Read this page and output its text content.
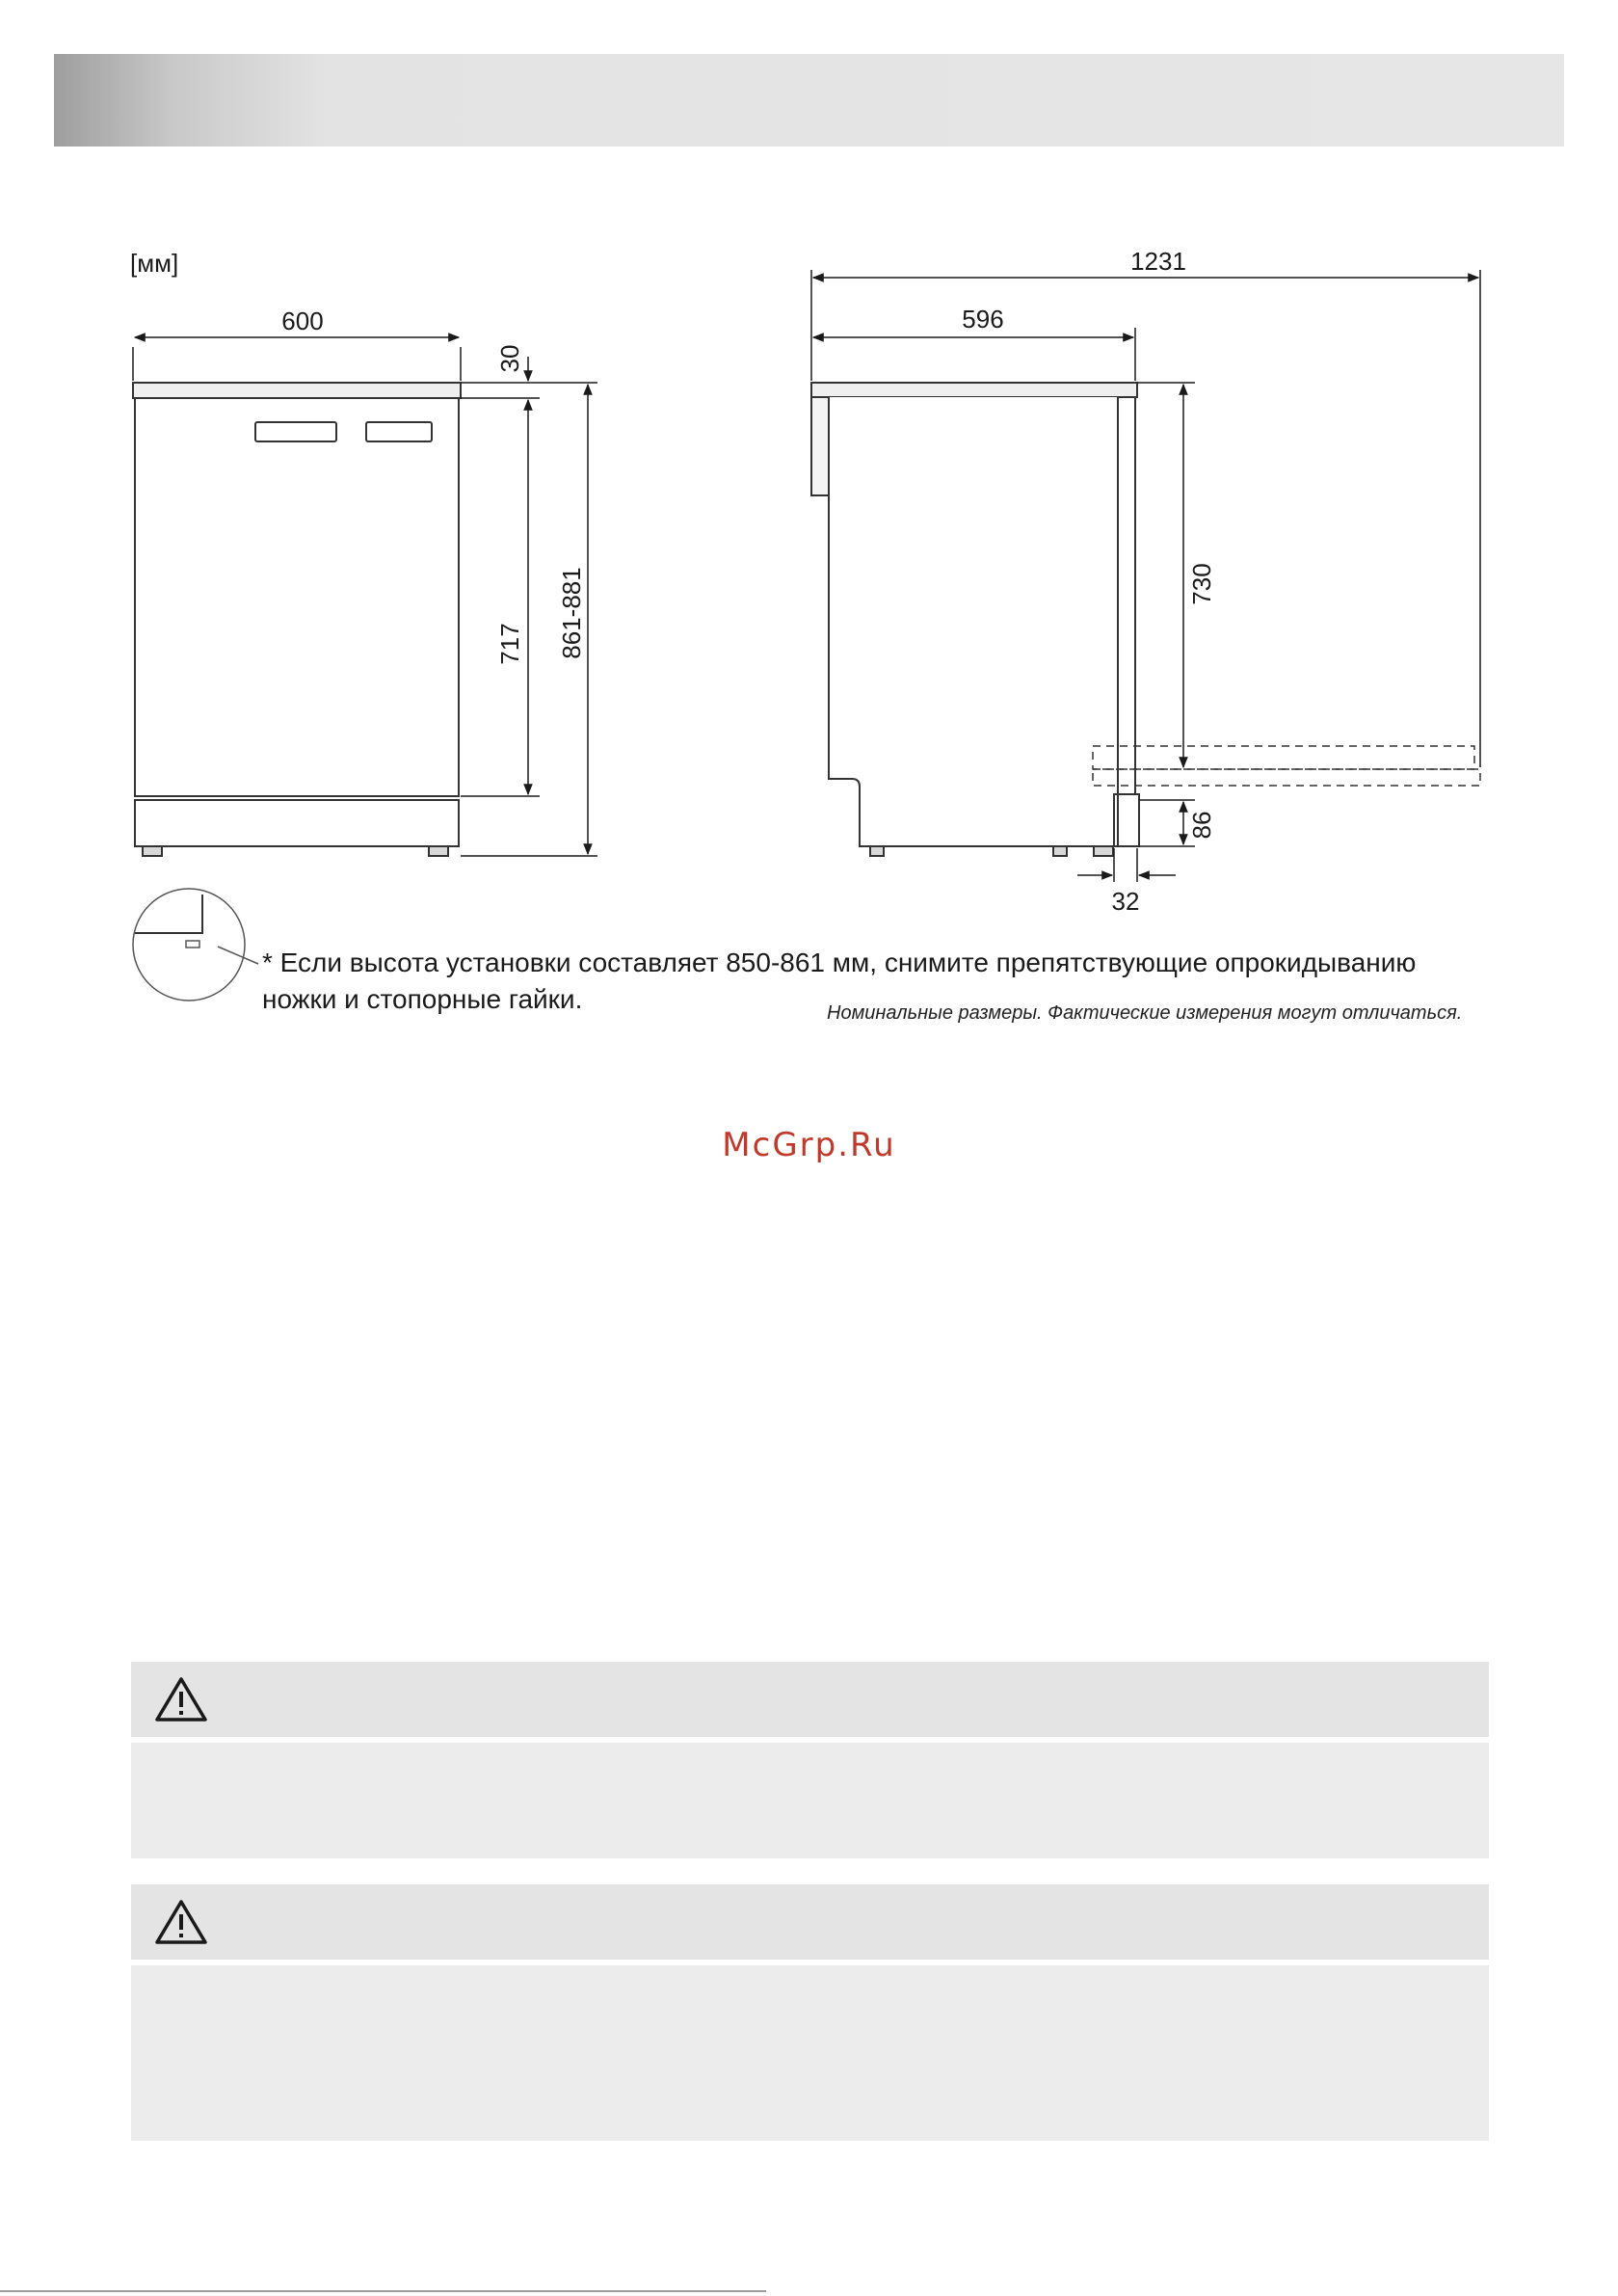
[мм]
600
30
717 861-881
1231
596
730
86
32
* Если высота установки составляет 850-861 мм, снимите препятствующие опрокидыванию
ножки и стопорные гайки.	Номинальные размеры. Фактические измерения могут отличаться.
McGrp.Ru
